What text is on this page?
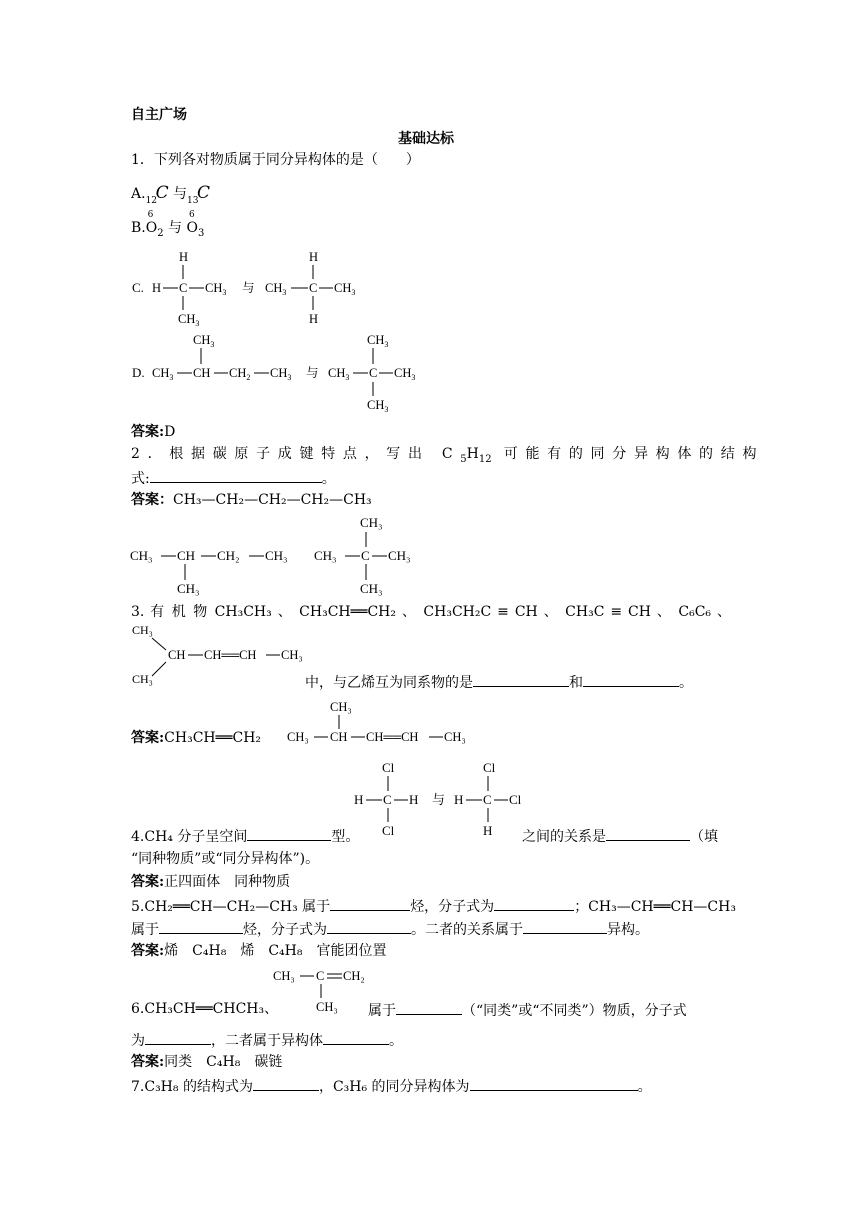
自主广场
基础达标
1．下列各对物质属于同分异构体的是（　　）
A. 12
6
C 与 13
6
C
$B.O_2$ 与 $O_3$
C.
H
H C $CH_3$
$CH_3$
与
H
$CH_3$ C $CH_3$
H
D. $CH_3$ CH
$CH_3$
$CH_2$ $CH_3$ 与 $CH_3$ C
$CH_3$
$CH_3$
$CH_3$
答案:D
2．根据碳原子成键特点，写出 $C_5H_{12}$ 可能有的同分异构体的结构
式:	。
答案：CH₃—CH₂—CH₂—CH₂—CH₃
CH₃ CH
CH₃
CH₂ CH₃ CH₃ C
CH₃
CH₃
CH₃
3. 有 机 物 CH₃CH₃ 、 CH₃CH══CH₂ 、 CH₃CH₂C ≡ CH 、 CH₃C ≡ CH 、 C₆C₆ 、
CH₃
CH CH══CH CH₃
CH₃	中，与乙烯互为同系物的是	和	。
答案:CH₃CH══CH₂
CH₃
CH₃ CH CH══CH CH₃
Cl
H C H
Cl
与
Cl
H C Cl
H
4.CH₄ 分子呈空间	型。	之间的关系是	（填
“同种物质”或“同分异构体”)。
答案:正四面体　同种物质
5.CH₂══CH—CH₂—CH₃ 属于	烃，分子式为	；CH₃—CH══CH—CH₃
属于	烃，分子式为	。二者的关系属于	异构。
答案:烯　C₄H₈　烯　C₄H₈　官能团位置
CH₃ C CH₂
CH₃
6.CH₃CH══CHCH₃、	属于	（“同类”或“不同类”）物质，分子式
为	，二者属于异构体	。
答案:同类　C₄H₈　碳链
7.C₃H₈ 的结构式为	，C₃H₆ 的同分异构体为	。
